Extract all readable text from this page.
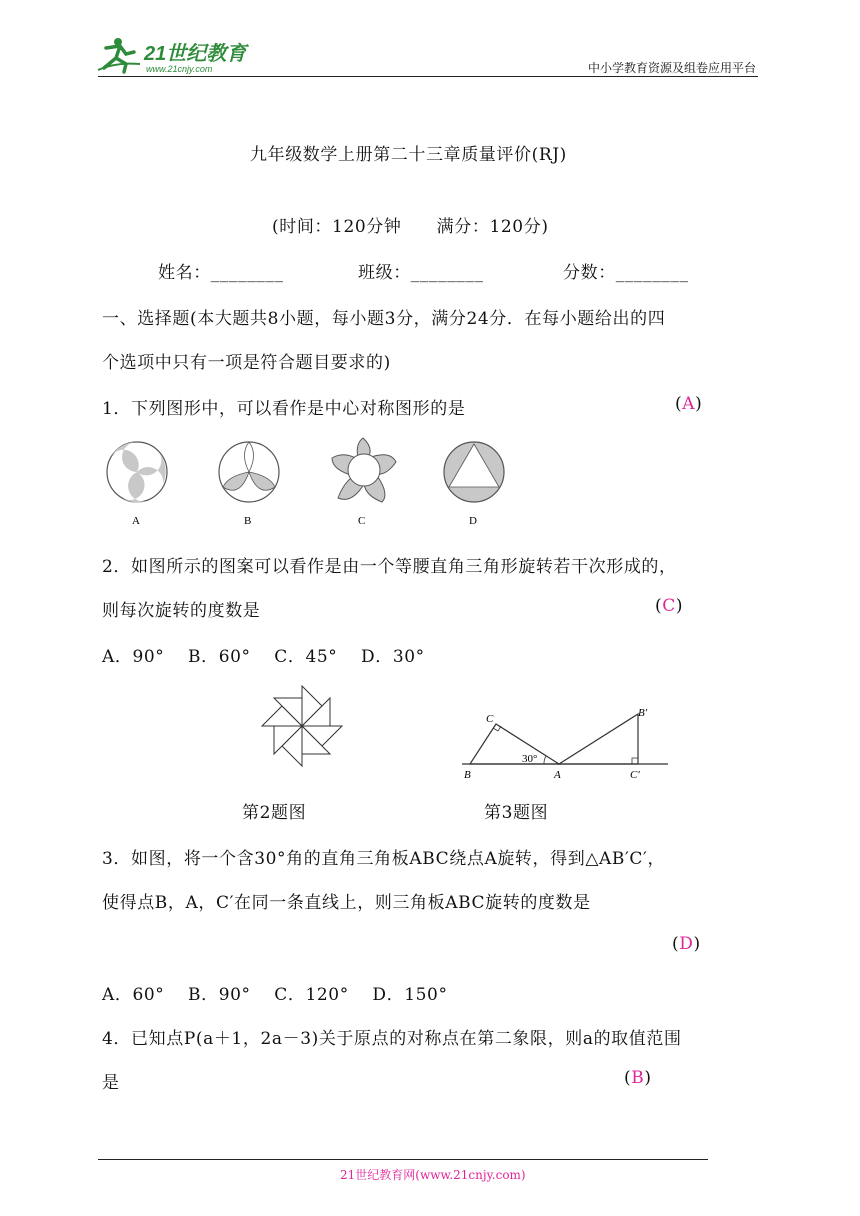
21世纪教育
www.21cnjy.com	中小学教育资源及组卷应用平台
九年级数学上册第二十三章质量评价(RJ)
(时间：120分钟　　满分：120分)
姓名：________	班级：________	分数：________
一、选择题(本大题共8小题，每小题3分，满分24分．在每小题给出的四
个选项中只有一项是符合题目要求的)
1．下列图形中，可以看作是中心对称图形的是	(A)
A	B	C	D
2．如图所示的图案可以看作是由一个等腰直角三角形旋转若干次形成的，
则每次旋转的度数是	(C)
A．90°　 B．60°　 C．45°　 D．30°
C
B	A
B′
C′
30°
第2题图	第3题图
3．如图，将一个含30°角的直角三角板ABC绕点A旋转，得到△AB′C′，
使得点B，A，C′在同一条直线上，则三角板ABC旋转的度数是
(D)
A．60°　 B．90°　 C．120°　 D．150°
4．已知点P(a＋1，2a－3)关于原点的对称点在第二象限，则a的取值范围
是	(B)
21世纪教育网(www.21cnjy.com)
